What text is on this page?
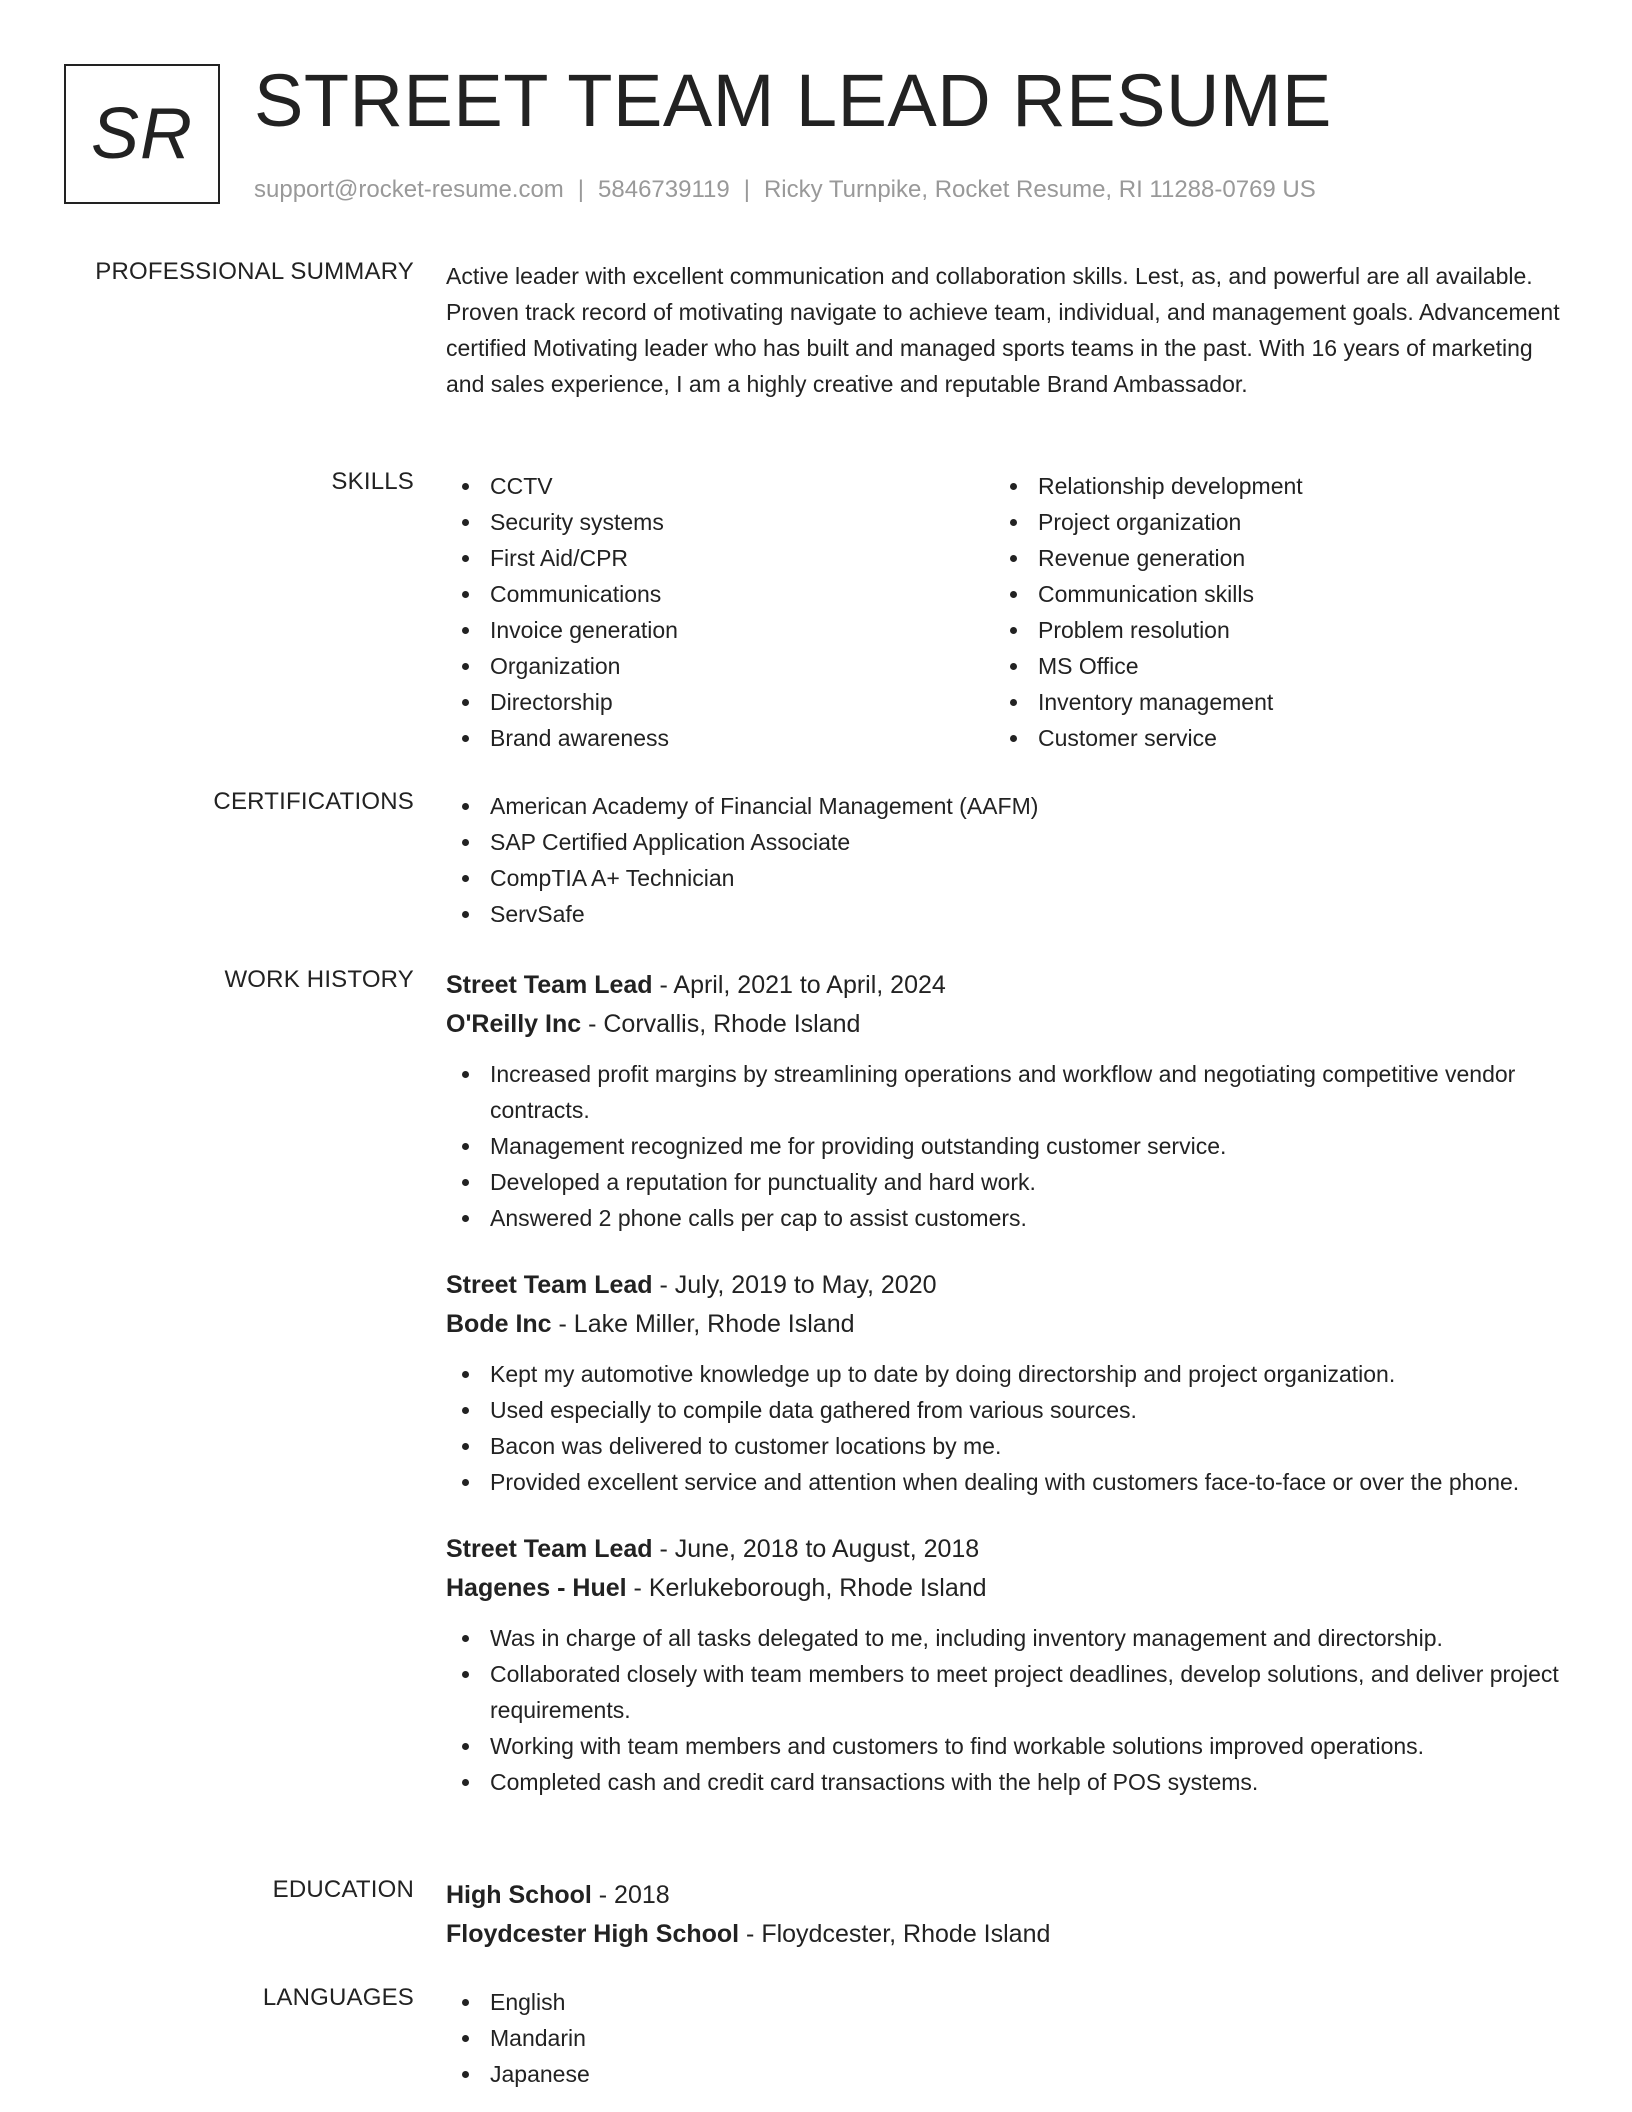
SR STREET TEAM LEAD RESUME
support@rocket-resume.com | 5846739119 | Ricky Turnpike, Rocket Resume, RI 11288-0769 US
PROFESSIONAL SUMMARY Active leader with excellent communication and collaboration skills. Lest, as, and powerful are all available. Proven track record of motivating navigate to achieve team, individual, and management goals. Advancement certified Motivating leader who has built and managed sports teams in the past. With 16 years of marketing and sales experience, I am a highly creative and reputable Brand Ambassador.

SKILLS	CCTV
Security systems
First Aid/CPR
Communications
Invoice generation
Organization
Directorship
Brand awareness
Relationship development
Project organization
Revenue generation
Communication skills
Problem resolution
MS Office
Inventory management
Customer service
CERTIFICATIONS	American Academy of Financial Management (AAFM)
SAP Certified Application Associate
CompTIA A+ Technician
ServSafe
WORK HISTORY Street Team Lead - April, 2021 to April, 2024
O'Reilly Inc - Corvallis, Rhode Island
Increased profit margins by streamlining operations and workflow and negotiating competitive vendor contracts.
Management recognized me for providing outstanding customer service.
Developed a reputation for punctuality and hard work.
Answered 2 phone calls per cap to assist customers.
Street Team Lead - July, 2019 to May, 2020
Bode Inc - Lake Miller, Rhode Island
Kept my automotive knowledge up to date by doing directorship and project organization.
Used especially to compile data gathered from various sources.
Bacon was delivered to customer locations by me.
Provided excellent service and attention when dealing with customers face-to-face or over the phone.
Street Team Lead - June, 2018 to August, 2018
Hagenes - Huel - Kerlukeborough, Rhode Island
Was in charge of all tasks delegated to me, including inventory management and directorship.
Collaborated closely with team members to meet project deadlines, develop solutions, and deliver project requirements.
Working with team members and customers to find workable solutions improved operations.
Completed cash and credit card transactions with the help of POS systems.
EDUCATION High School - 2018
Floydcester High School - Floydcester, Rhode Island
LANGUAGES	English
Mandarin
Japanese
